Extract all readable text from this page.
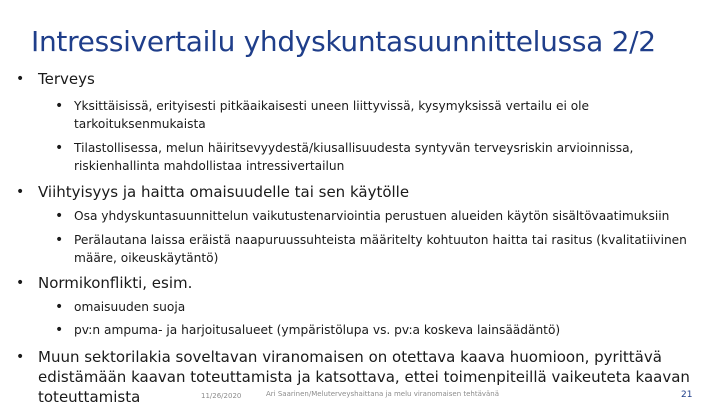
Intressivertailu yhdyskuntasuunnittelussa 2/2

• Terveys

• Yksittäisissä, erityisesti pitkäaikaisesti uneen liittyvissä, kysymyksissä vertailu ei ole tarkoituksenmukaista

• Tilastollisessa, melun häiritsevyydestä/kiusallisuudesta syntyvän terveysriskin arvioinnissa, riskienhallinta mahdollistaa intressivertailun

• Viihtyisyys ja haitta omaisuudelle tai sen käytölle

• Osa yhdyskuntasuunnittelun vaikutustenarviointia perustuen alueiden käytön sisältövaatimuksiin

• Perälautana laissa eräistä naapuruussuhteista määritelty kohtuuton haitta tai rasitus (kvalitatiivinen määre, oikeuskäytäntö)

• Normikonflikti, esim.

• omaisuuden suoja

• pv:n ampuma- ja harjoitusalueet (ympäristölupa vs. pv:a koskeva lainsäädäntö)

• Muun sektorilakia soveltavan viranomaisen on otettava kaava huomioon, pyrittävä edistämään kaavan toteuttamista ja katsottava, ettei toimenpiteillä vaikeuteta kaavan toteuttamista	11/26/2020	Ari Saarinen/Meluterveyshaittana ja melu viranomaisen tehtävänä	21
